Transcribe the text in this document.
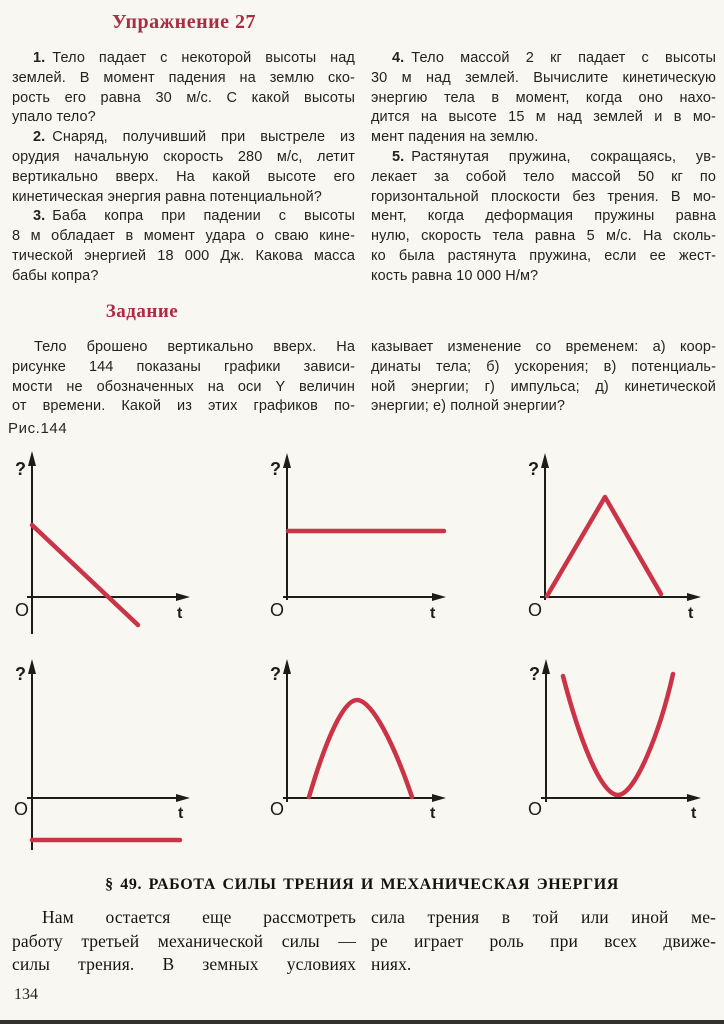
Упражнение 27
1. Тело падает с некоторой высоты над
землей. В момент падения на землю ско-
рость его равна 30 м/с. С какой высоты
упало тело?
2. Снаряд, получивший при выстреле из
орудия начальную скорость 280 м/с, летит
вертикально вверх. На какой высоте его
кинетическая энергия равна потенциальной?
3. Баба копра при падении с высоты
8 м обладает в момент удара о сваю кине-
тической энергией 18 000 Дж. Какова масса
бабы копра?
4. Тело массой 2 кг падает с высоты
30 м над землей. Вычислите кинетическую
энергию тела в момент, когда оно нахо-
дится на высоте 15 м над землей и в мо-
мент падения на землю.
5. Растянутая пружина, сокращаясь, ув-
лекает за собой тело массой 50 кг по
горизонтальной плоскости без трения. В мо-
мент, когда деформация пружины равна
нулю, скорость тела равна 5 м/с. На сколь-
ко была растянута пружина, если ее жест-
кость равна 10 000 Н/м?
Задание
Тело брошено вертикально вверх. На
рисунке 144 показаны графики зависи-
мости не обозначенных на оси Y величин
от времени. Какой из этих графиков по-
казывает изменение со временем: а) коор-
динаты тела; б) ускорения; в) потенциаль-
ной энергии; г) импульса; д) кинетической
энергии; е) полной энергии?
Рис.144
?
O	t
?
O	t
?
O	t
?
O	t
?
O	t
?
O	t
§ 49. РАБОТА СИЛЫ ТРЕНИЯ И МЕХАНИЧЕСКАЯ ЭНЕРГИЯ
Нам остается еще рассмотреть
работу третьей механической силы —
силы трения. В земных условиях
сила трения в той или иной ме-
ре играет роль при всех движе-
ниях.
134
